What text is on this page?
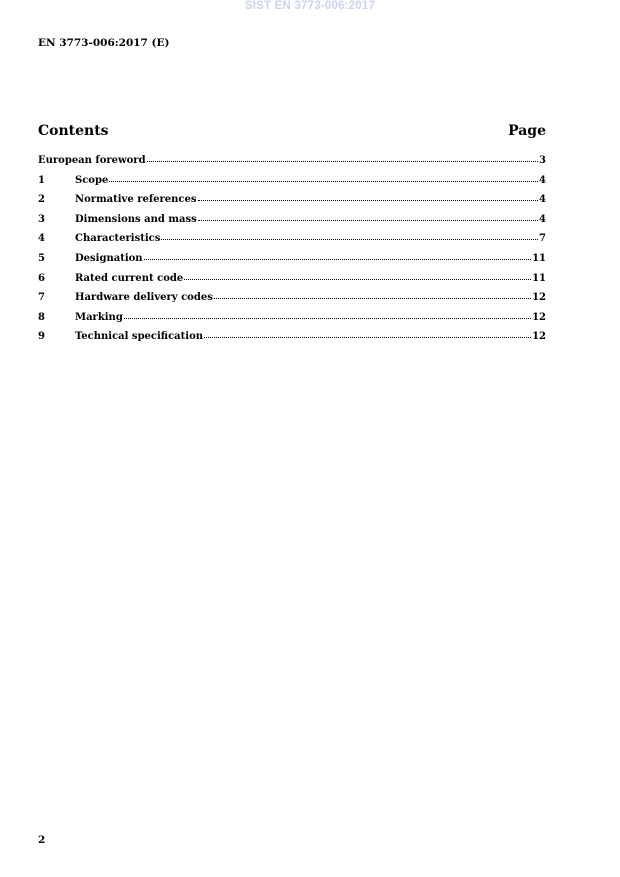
SIST EN 3773-006:2017
EN 3773-006:2017 (E)
Contents	Page
European foreword	3
1	Scope	4
2	Normative references	4
3	Dimensions and mass	4
4	Characteristics	7
5	Designation	11
6	Rated current code	11
7	Hardware delivery codes	12
8	Marking	12
9	Technical specification	12
2
